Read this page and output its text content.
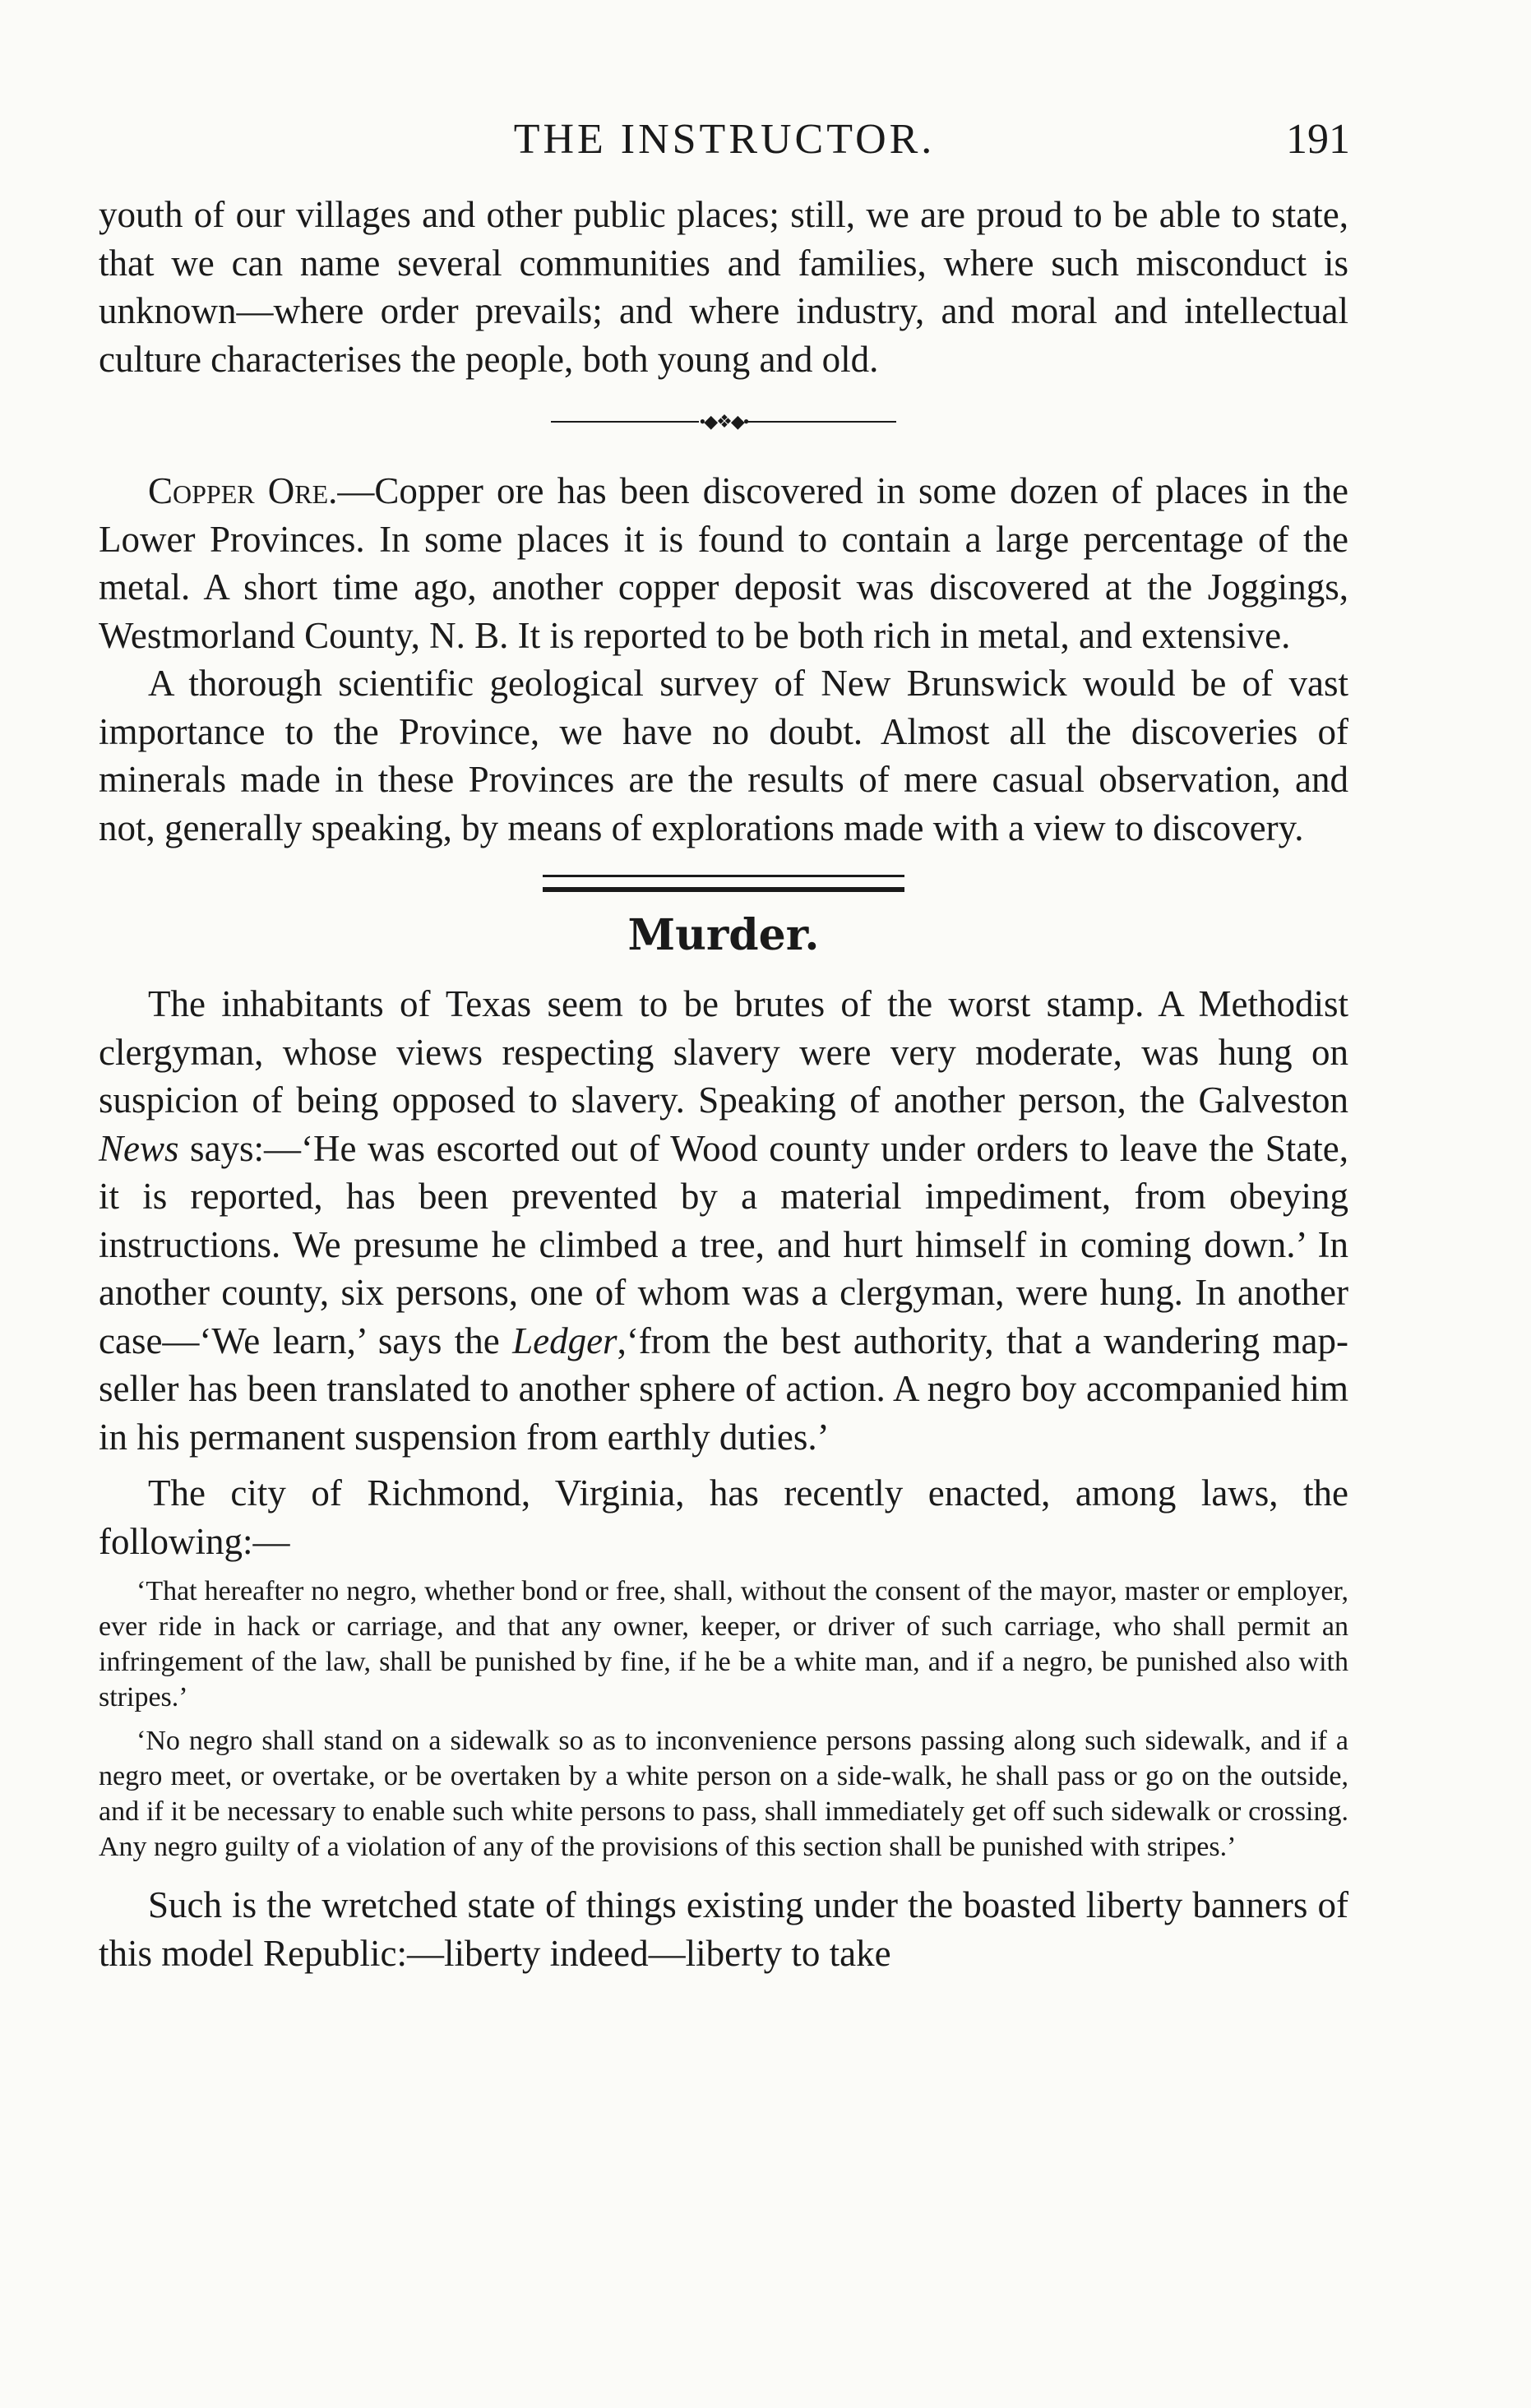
THE INSTRUCTOR.	191

youth of our villages and other public places; still, we are proud to be able to state, that we can name several communities and families, where such misconduct is unknown—where order prevails; and where industry, and moral and intellectual culture characterises the people, both young and old.

•◆❖◆•

Copper Ore.—Copper ore has been discovered in some dozen of places in the Lower Provinces. In some places it is found to contain a large percentage of the metal. A short time ago, another copper deposit was discovered at the Joggings, Westmorland County, N. B. It is reported to be both rich in metal, and extensive.

A thorough scientific geological survey of New Brunswick would be of vast importance to the Province, we have no doubt. Almost all the discoveries of minerals made in these Provinces are the results of mere casual observation, and not, generally speaking, by means of explorations made with a view to discovery.

Murder.

The inhabitants of Texas seem to be brutes of the worst stamp. A Methodist clergyman, whose views respecting slavery were very moderate, was hung on suspicion of being opposed to slavery. Speaking of another person, the Galveston News says:—‘He was escorted out of Wood county under orders to leave the State, it is reported, has been prevented by a material impediment, from obeying instructions. We presume he climbed a tree, and hurt himself in coming down.’ In another county, six persons, one of whom was a clergyman, were hung. In another case—‘We learn,’ says the Ledger,‘from the best authority, that a wandering map-seller has been translated to another sphere of action. A negro boy accompanied him in his permanent suspension from earthly duties.’

The city of Richmond, Virginia, has recently enacted, among laws, the following:—

‘That hereafter no negro, whether bond or free, shall, without the consent of the mayor, master or employer, ever ride in hack or carriage, and that any owner, keeper, or driver of such carriage, who shall permit an infringement of the law, shall be punished by fine, if he be a white man, and if a negro, be punished also with stripes.’

‘No negro shall stand on a sidewalk so as to inconvenience persons passing along such sidewalk, and if a negro meet, or overtake, or be overtaken by a white person on a side-walk, he shall pass or go on the outside, and if it be necessary to enable such white persons to pass, shall immediately get off such sidewalk or crossing. Any negro guilty of a violation of any of the provisions of this section shall be punished with stripes.’

Such is the wretched state of things existing under the boasted liberty banners of this model Republic:—liberty indeed—liberty to take
